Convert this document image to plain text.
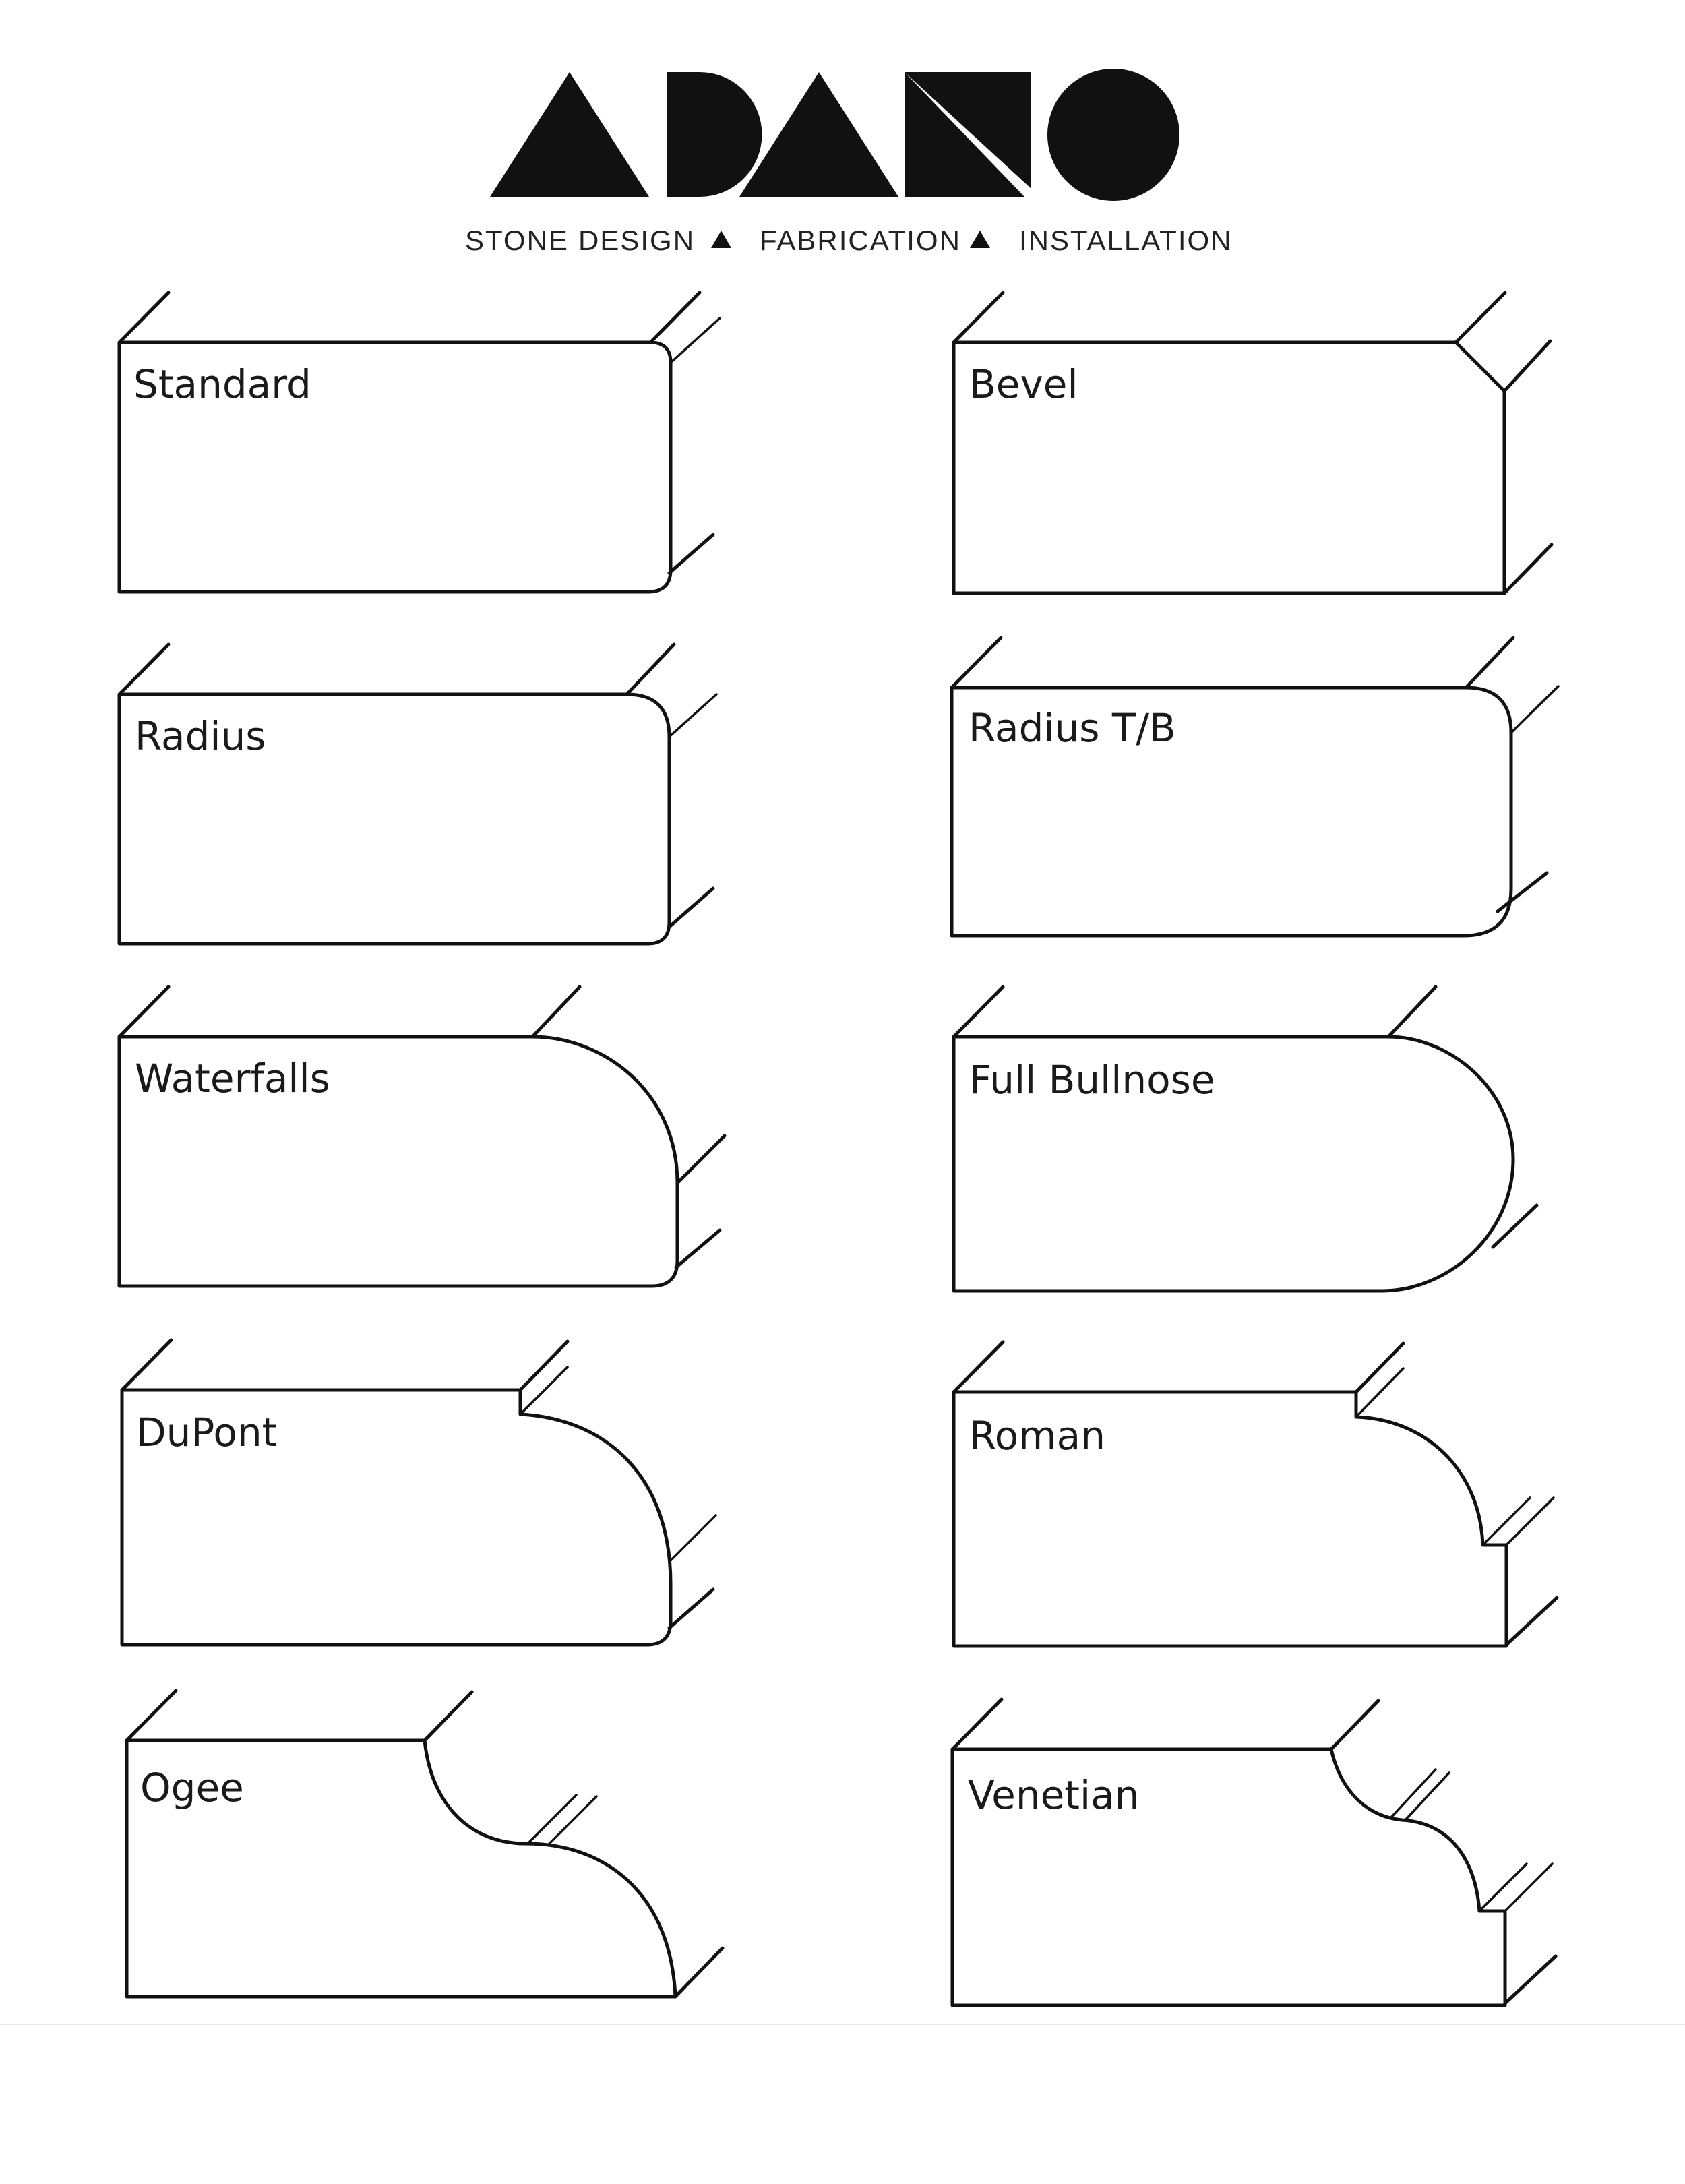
STONE DESIGN FABRICATION INSTALLATION
Standard	Bevel
Radius	Radius T/B
Waterfalls	Full Bullnose
DuPont	Roman
Ogee	Venetian
